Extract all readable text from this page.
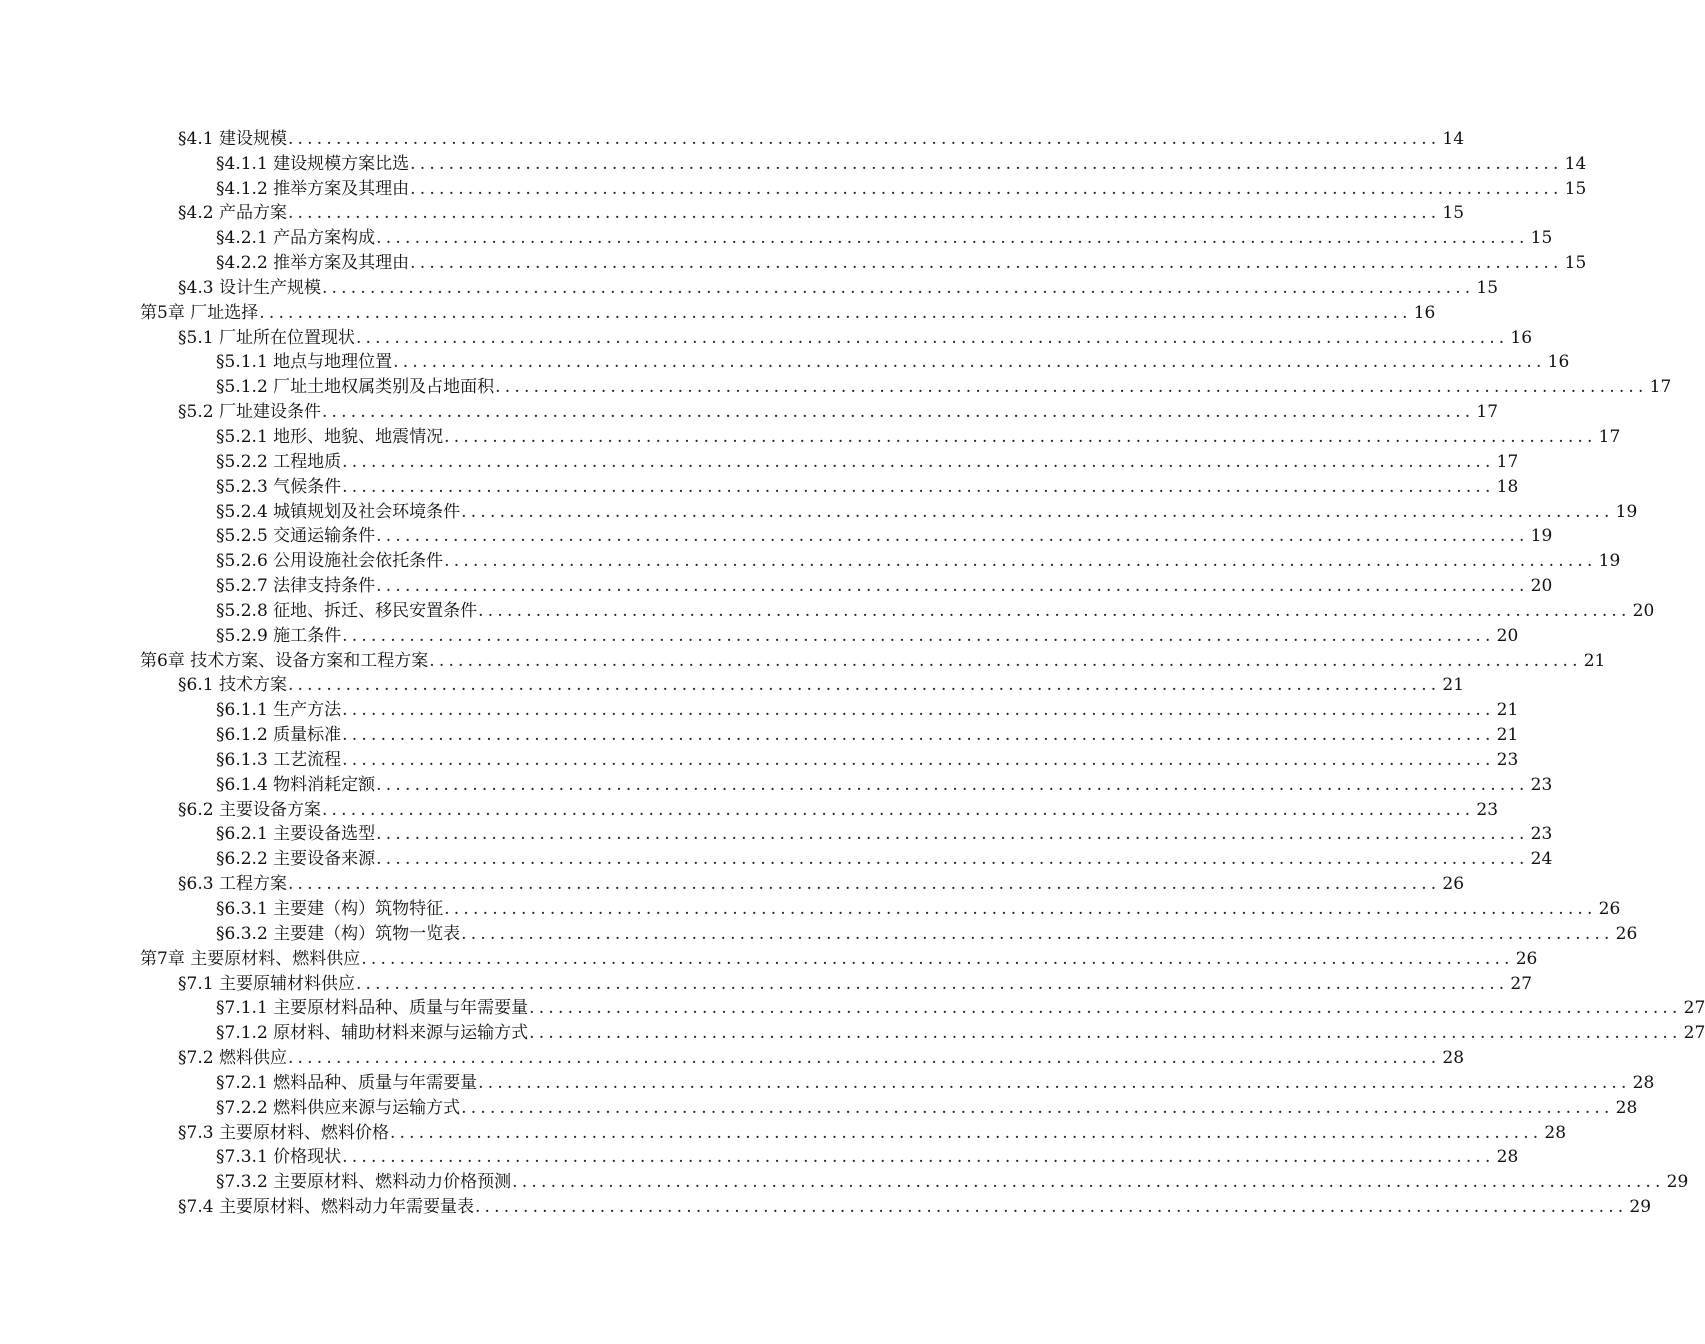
§4.1 建设规模 ........................................................................................................................ 14
§4.1.1 建设规模方案比选 ........................................................................................................................ 14
§4.1.2 推举方案及其理由 ........................................................................................................................ 15
§4.2 产品方案 ........................................................................................................................ 15
§4.2.1 产品方案构成 ........................................................................................................................ 15
§4.2.2 推举方案及其理由 ........................................................................................................................ 15
§4.3 设计生产规模 ........................................................................................................................ 15
第5章 厂址选择 ........................................................................................................................ 16
§5.1 厂址所在位置现状 ........................................................................................................................ 16
§5.1.1 地点与地理位置 ........................................................................................................................ 16
§5.1.2 厂址土地权属类别及占地面积 ........................................................................................................................ 17
§5.2 厂址建设条件 ........................................................................................................................ 17
§5.2.1 地形、地貌、地震情况 ........................................................................................................................ 17
§5.2.2 工程地质 ........................................................................................................................ 17
§5.2.3 气候条件 ........................................................................................................................ 18
§5.2.4 城镇规划及社会环境条件 ........................................................................................................................ 19
§5.2.5 交通运输条件 ........................................................................................................................ 19
§5.2.6 公用设施社会依托条件 ........................................................................................................................ 19
§5.2.7 法律支持条件 ........................................................................................................................ 20
§5.2.8 征地、拆迁、移民安置条件 ........................................................................................................................ 20
§5.2.9 施工条件 ........................................................................................................................ 20
第6章 技术方案、设备方案和工程方案 ........................................................................................................................ 21
§6.1 技术方案 ........................................................................................................................ 21
§6.1.1 生产方法 ........................................................................................................................ 21
§6.1.2 质量标准 ........................................................................................................................ 21
§6.1.3 工艺流程 ........................................................................................................................ 23
§6.1.4 物料消耗定额 ........................................................................................................................ 23
§6.2 主要设备方案 ........................................................................................................................ 23
§6.2.1 主要设备选型 ........................................................................................................................ 23
§6.2.2 主要设备来源 ........................................................................................................................ 24
§6.3 工程方案 ........................................................................................................................ 26
§6.3.1 主要建（构）筑物特征 ........................................................................................................................ 26
§6.3.2 主要建（构）筑物一览表 ........................................................................................................................ 26
第7章 主要原材料、燃料供应 ........................................................................................................................ 26
§7.1 主要原辅材料供应 ........................................................................................................................ 27
§7.1.1 主要原材料品种、质量与年需要量 ........................................................................................................................ 27
§7.1.2 原材料、辅助材料来源与运输方式 ........................................................................................................................ 27
§7.2 燃料供应 ........................................................................................................................ 28
§7.2.1 燃料品种、质量与年需要量 ........................................................................................................................ 28
§7.2.2 燃料供应来源与运输方式 ........................................................................................................................ 28
§7.3 主要原材料、燃料价格 ........................................................................................................................ 28
§7.3.1 价格现状 ........................................................................................................................ 28
§7.3.2 主要原材料、燃料动力价格预测 ........................................................................................................................ 29
§7.4 主要原材料、燃料动力年需要量表 ........................................................................................................................ 29
